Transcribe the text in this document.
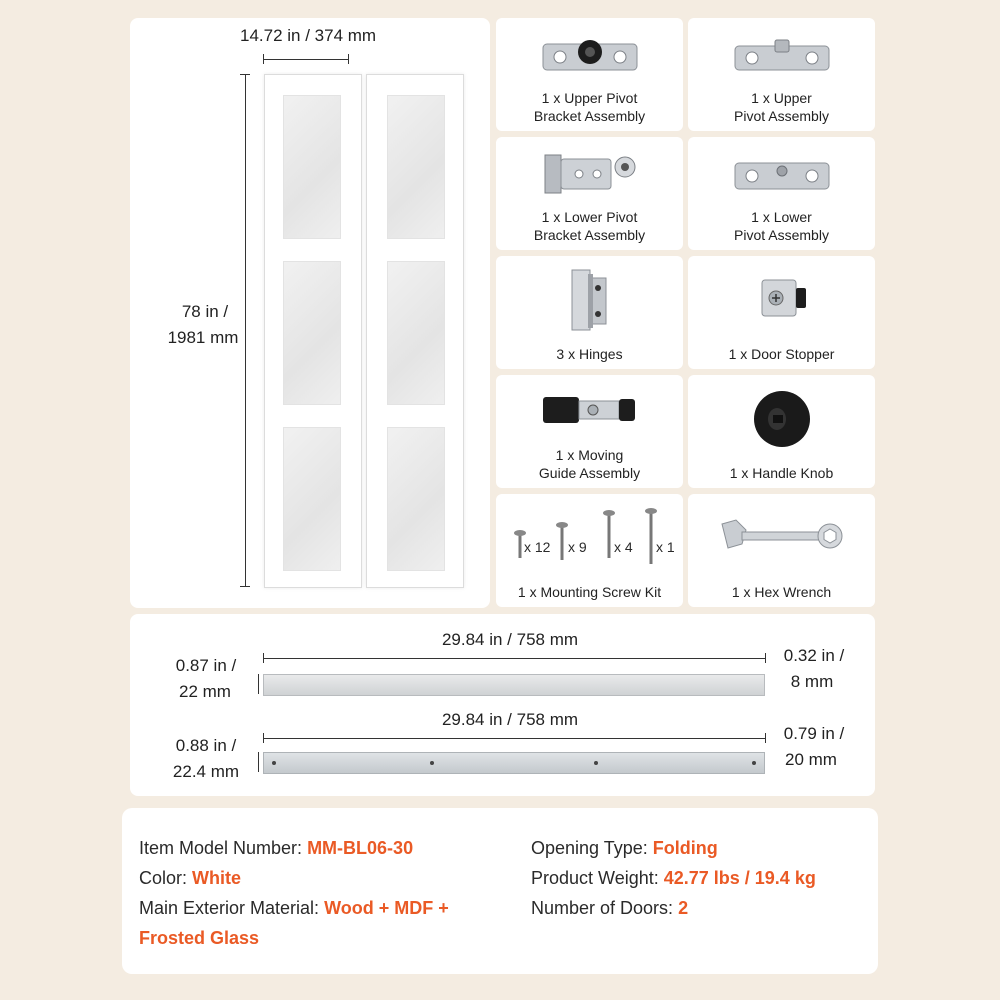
14.72 in / 374 mm
78 in /
1981 mm
1 x Upper Pivot
Bracket Assembly
1 x Upper
Pivot Assembly
1 x Lower Pivot
Bracket Assembly
1 x Lower
Pivot Assembly
3 x Hinges	1 x Door Stopper
1 x Moving
Guide Assembly	1 x Handle Knob
x 12 x 9 x 4 x 1
1 x Mounting Screw Kit	1 x Hex Wrench
29.84 in / 758 mm
0.87 in /
22 mm
0.32 in /
8 mm
29.84 in / 758 mm
0.88 in /
22.4 mm
0.79 in /
20 mm
Item Model Number: MM-BL06-30
Color: White
Main Exterior Material: Wood + MDF +
Frosted Glass
Opening Type: Folding
Product Weight: 42.77 lbs / 19.4 kg
Number of Doors: 2
